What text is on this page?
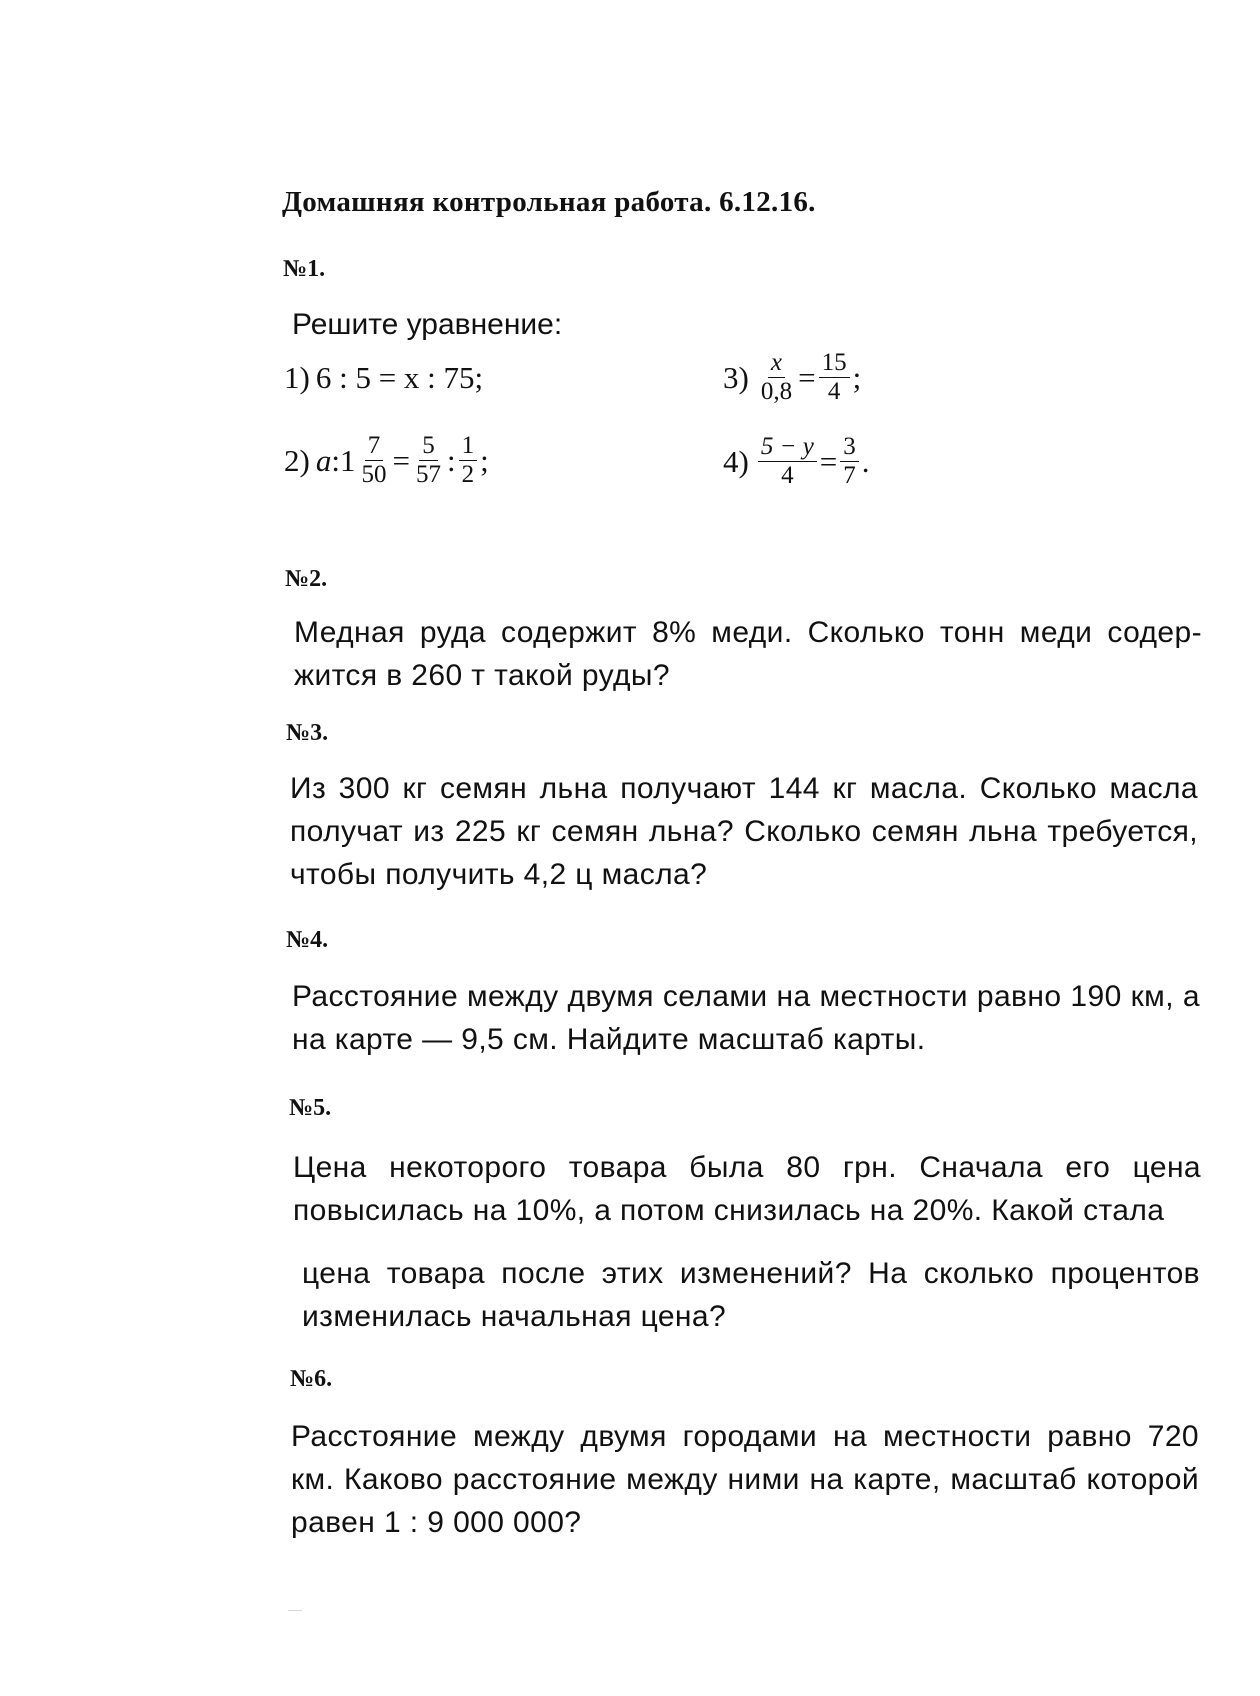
Домашняя контрольная работа. 6.12.16.
№1.
Решите уравнение:
1) 6 : 5 = x : 75;
2) a : $1 \frac{7}{50} = \frac{5}{57}$ : $\frac{1}{2}$ ;
$3) \frac{x}{0,8} = \frac{15}{4}$ ;
$4) \frac{5 - y}{4} = \frac{3}{7}$ .
№2.
Медная руда содержит 8% меди. Сколько тонн меди содер-жится в 260 т такой руды?
№3.
Из 300 кг семян льна получают 144 кг масла. Сколько масла получат из 225 кг семян льна? Сколько семян льна требуется, чтобы получить 4,2 ц масла?
№4.
Расстояние между двумя селами на местности равно 190 км, а на карте — 9,5 см. Найдите масштаб карты.
№5.
Цена некоторого товара была 80 грн. Сначала его цена повысилась на 10%, а потом снизилась на 20%. Какой стала
цена товара после этих изменений? На сколько процентов изменилась начальная цена?
№6.
Расстояние между двумя городами на местности равно 720 км. Каково расстояние между ними на карте, масштаб которой равен 1 : 9 000 000?
